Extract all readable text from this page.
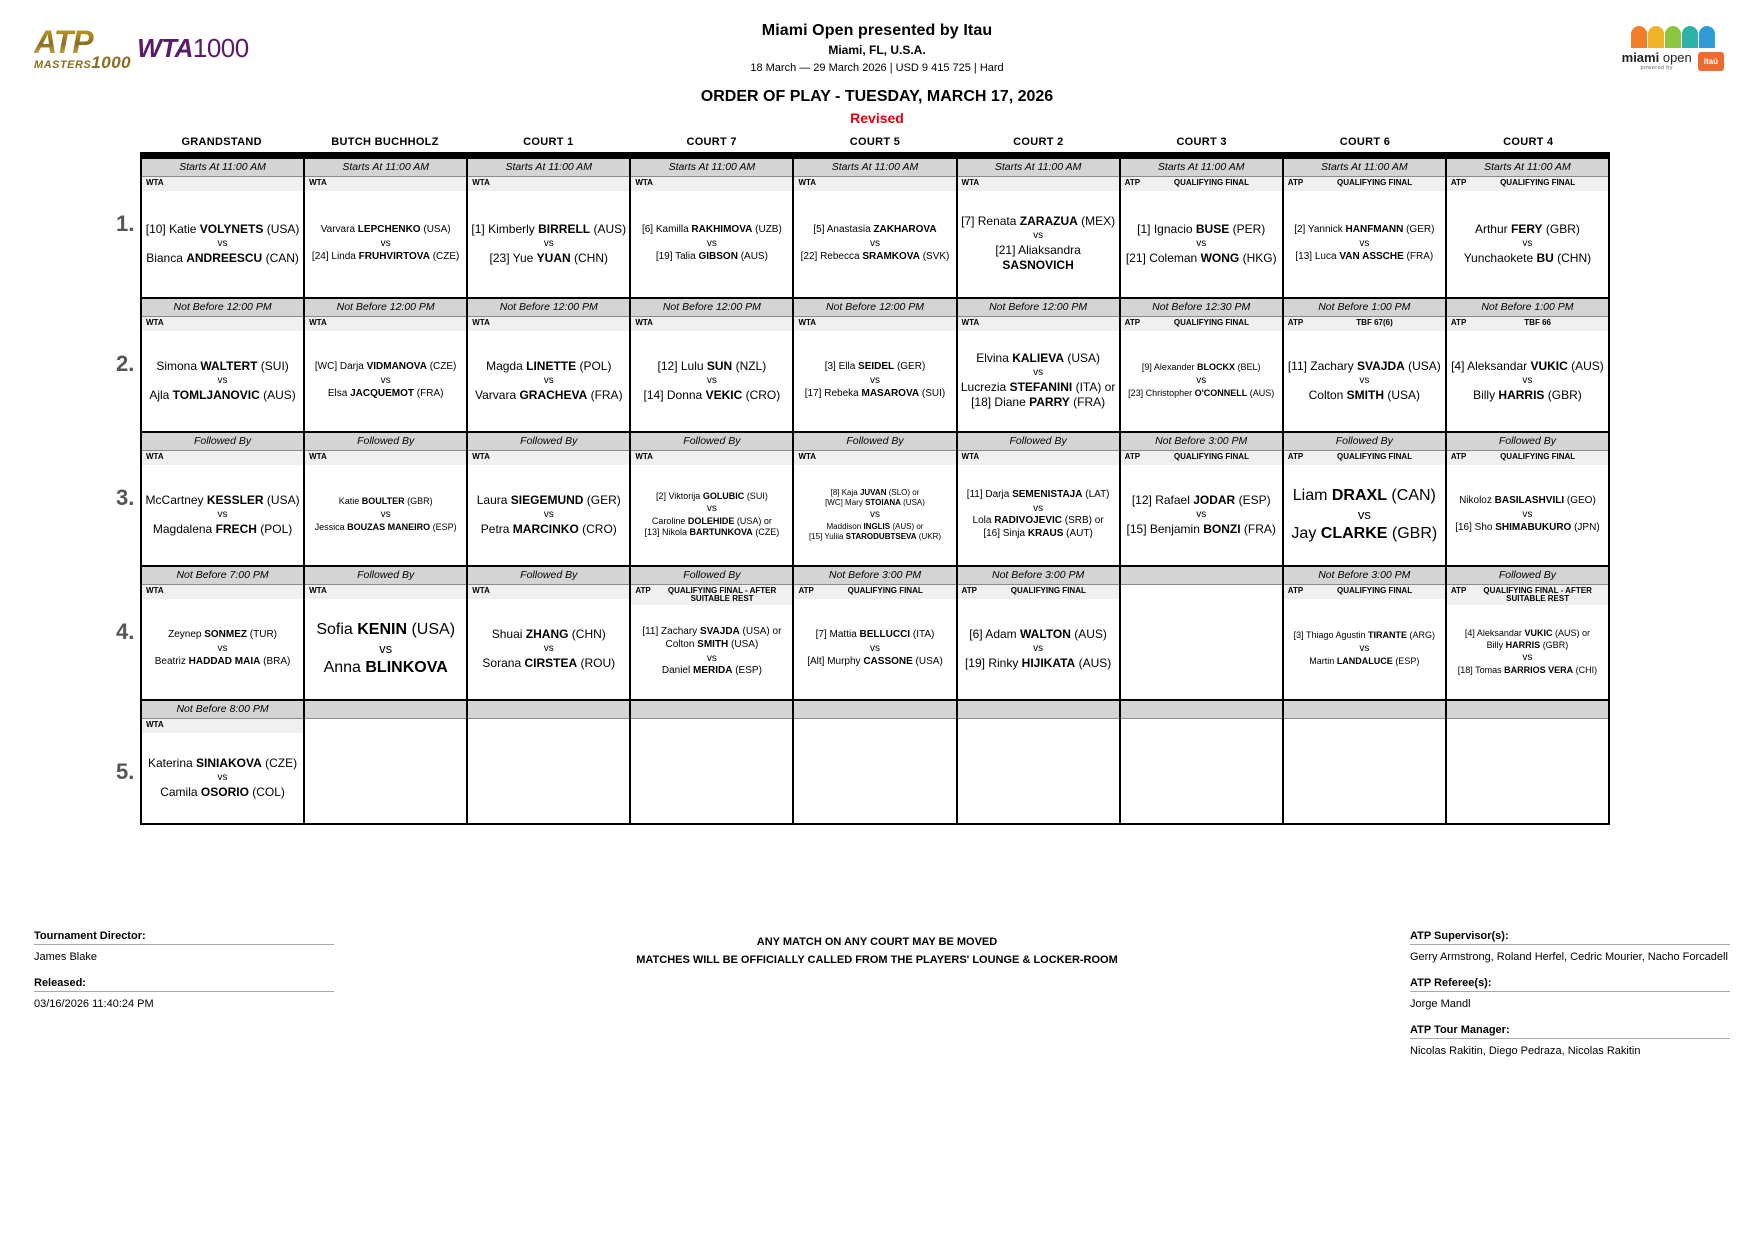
ATP
MASTERS1000 WTA1000
Miami Open presented by Itau
Miami, FL, U.S.A.
18 March — 29 March 2026 | USD 9 415 725 | Hard
ORDER OF PLAY - TUESDAY, MARCH 17, 2026
Revised
miami open
powered by
itaú
GRANDSTAND	BUTCH BUCHHOLZ	COURT 1	COURT 7	COURT 5	COURT 2	COURT 3	COURT 6	COURT 4
1.
Starts At 11:00 AM
WTA
[10] Katie VOLYNETS (USA)
vs
Bianca ANDREESCU (CAN)
Starts At 11:00 AM
WTA
Varvara LEPCHENKO (USA)
vs
[24] Linda FRUHVIRTOVA (CZE)
Starts At 11:00 AM
WTA
[1] Kimberly BIRRELL (AUS)
vs
[23] Yue YUAN (CHN)
Starts At 11:00 AM
WTA
[6] Kamilla RAKHIMOVA (UZB)
vs
[19] Talia GIBSON (AUS)
Starts At 11:00 AM
WTA
[5] Anastasia ZAKHAROVA
vs
[22] Rebecca SRAMKOVA (SVK)
Starts At 11:00 AM
WTA
[7] Renata ZARAZUA (MEX)
vs
[21] Aliaksandra SASNOVICH
Starts At 11:00 AM
ATP	QUALIFYING FINAL
[1] Ignacio BUSE (PER)
vs
[21] Coleman WONG (HKG)
Starts At 11:00 AM
ATP	QUALIFYING FINAL
[2] Yannick HANFMANN (GER)
vs
[13] Luca VAN ASSCHE (FRA)
Starts At 11:00 AM
ATP	QUALIFYING FINAL
Arthur FERY (GBR)
vs
Yunchaokete BU (CHN)
2.
Not Before 12:00 PM
WTA
Simona WALTERT (SUI)
vs
Ajla TOMLJANOVIC (AUS)
Not Before 12:00 PM
WTA
[WC] Darja VIDMANOVA (CZE)
vs
Elsa JACQUEMOT (FRA)
Not Before 12:00 PM
WTA
Magda LINETTE (POL)
vs
Varvara GRACHEVA (FRA)
Not Before 12:00 PM
WTA
[12] Lulu SUN (NZL)
vs
[14] Donna VEKIC (CRO)
Not Before 12:00 PM
WTA
[3] Ella SEIDEL (GER)
vs
[17] Rebeka MASAROVA (SUI)
Not Before 12:00 PM
WTA
Elvina KALIEVA (USA)
vs
Lucrezia STEFANINI (ITA) or
[18] Diane PARRY (FRA)
Not Before 12:30 PM
ATP	QUALIFYING FINAL
[9] Alexander BLOCKX (BEL)
vs
[23] Christopher O'CONNELL (AUS)
Not Before 1:00 PM
ATP	TBF 67(6)
[11] Zachary SVAJDA (USA)
vs
Colton SMITH (USA)
Not Before 1:00 PM
ATP	TBF 66
[4] Aleksandar VUKIC (AUS)
vs
Billy HARRIS (GBR)
3.
Followed By
WTA
McCartney KESSLER (USA)
vs
Magdalena FRECH (POL)
Followed By
WTA
Katie BOULTER (GBR)
vs
Jessica BOUZAS MANEIRO (ESP)
Followed By
WTA
Laura SIEGEMUND (GER)
vs
Petra MARCINKO (CRO)
Followed By
WTA
[2] Viktorija GOLUBIC (SUI)
vs
Caroline DOLEHIDE (USA) or
[13] Nikola BARTUNKOVA (CZE)
Followed By
WTA
[8] Kaja JUVAN (SLO) or
[WC] Mary STOIANA (USA)
vs
Maddison INGLIS (AUS) or
[15] Yuliia STARODUBTSEVA (UKR)
Followed By
WTA
[11] Darja SEMENISTAJA (LAT)
vs
Lola RADIVOJEVIC (SRB) or
[16] Sinja KRAUS (AUT)
Not Before 3:00 PM
ATP	QUALIFYING FINAL
[12] Rafael JODAR (ESP)
vs
[15] Benjamin BONZI (FRA)
Followed By
ATP	QUALIFYING FINAL
Liam DRAXL (CAN)
vs
Jay CLARKE (GBR)
Followed By
ATP	QUALIFYING FINAL
Nikoloz BASILASHVILI (GEO)
vs
[16] Sho SHIMABUKURO (JPN)
4.
Not Before 7:00 PM
WTA
Zeynep SONMEZ (TUR)
vs
Beatriz HADDAD MAIA (BRA)
Followed By
WTA
Sofia KENIN (USA)
vs
Anna BLINKOVA
Followed By
WTA
Shuai ZHANG (CHN)
vs
Sorana CIRSTEA (ROU)
Followed By
ATP	QUALIFYING FINAL - AFTER SUITABLE REST
[11] Zachary SVAJDA (USA) or
Colton SMITH (USA)
vs
Daniel MERIDA (ESP)
Not Before 3:00 PM
ATP	QUALIFYING FINAL
[7] Mattia BELLUCCI (ITA)
vs
[Alt] Murphy CASSONE (USA)
Not Before 3:00 PM
ATP	QUALIFYING FINAL
[6] Adam WALTON (AUS)
vs
[19] Rinky HIJIKATA (AUS)

Not Before 3:00 PM
ATP	QUALIFYING FINAL
[3] Thiago Agustin TIRANTE (ARG)
vs
Martin LANDALUCE (ESP)
Followed By
ATP	QUALIFYING FINAL - AFTER SUITABLE REST
[4] Aleksandar VUKIC (AUS) or
Billy HARRIS (GBR)
vs
[18] Tomas BARRIOS VERA (CHI)
5.
Not Before 8:00 PM
WTA
Katerina SINIAKOVA (CZE)
vs
Camila OSORIO (COL)

Tournament Director:
James Blake
Released:
03/16/2026 11:40:24 PM
ANY MATCH ON ANY COURT MAY BE MOVED
MATCHES WILL BE OFFICIALLY CALLED FROM THE PLAYERS' LOUNGE & LOCKER-ROOM
ATP Supervisor(s):
Gerry Armstrong, Roland Herfel, Cedric Mourier, Nacho Forcadell
ATP Referee(s):
Jorge Mandl
ATP Tour Manager:
Nicolas Rakitin, Diego Pedraza, Nicolas Rakitin
